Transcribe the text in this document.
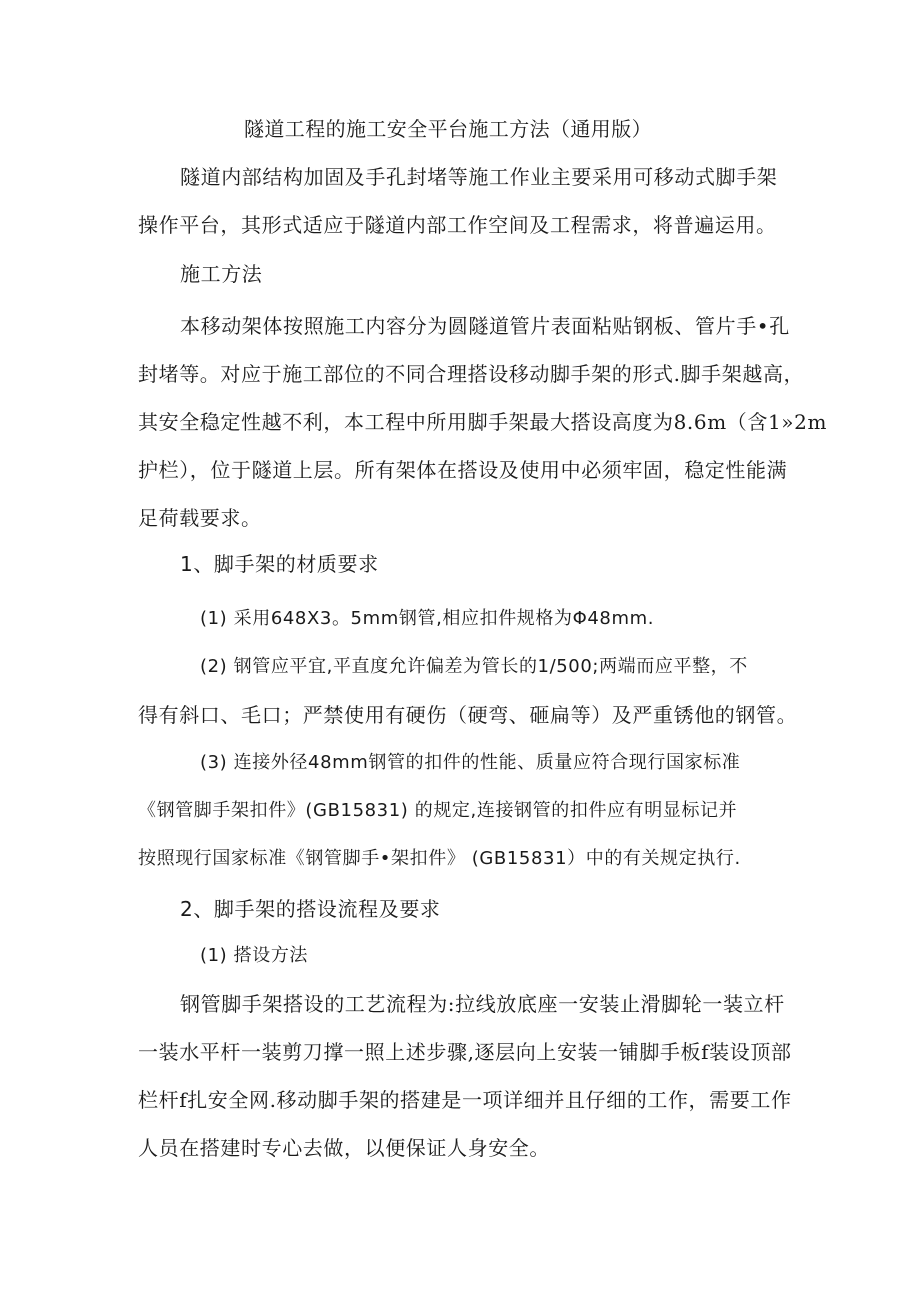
隧道工程的施工安全平台施工方法（通用版）
隧道内部结构加固及手孔封堵等施工作业主要采用可移动式脚手架
操作平台，其形式适应于隧道内部工作空间及工程需求，将普遍运用。
施工方法
本移动架体按照施工内容分为圆隧道管片表面粘贴钢板、管片手•孔
封堵等。对应于施工部位的不同合理搭设移动脚手架的形式.脚手架越高，
其安全稳定性越不利，本工程中所用脚手架最大搭设高度为8.6m（含1»2m
护栏），位于隧道上层。所有架体在搭设及使用中必须牢固，稳定性能满
足荷载要求。
1、脚手架的材质要求
(1) 采用648X3。5mm钢管,相应扣件规格为Φ48mm.
(2) 钢管应平宜,平直度允许偏差为管长的1/500;两端而应平整，不
得有斜口、毛口；严禁使用有硬伤（硬弯、砸扁等）及严重锈他的钢管。
(3) 连接外径48mm钢管的扣件的性能、质量应符合现行国家标准
《钢管脚手架扣件》(GB15831) 的规定,连接钢管的扣件应有明显标记并
按照现行国家标准《钢管脚手•架扣件》 (GB15831）中的有关规定执行.
2、脚手架的搭设流程及要求
(1) 搭设方法
钢管脚手架搭设的工艺流程为:拉线放底座一安装止滑脚轮一装立杆
一装水平杆一装剪刀撑一照上述步骤,逐层向上安装一铺脚手板f装设顶部
栏杆f扎安全网.移动脚手架的搭建是一项详细并且仔细的工作，需要工作
人员在搭建时专心去做，以便保证人身安全。
